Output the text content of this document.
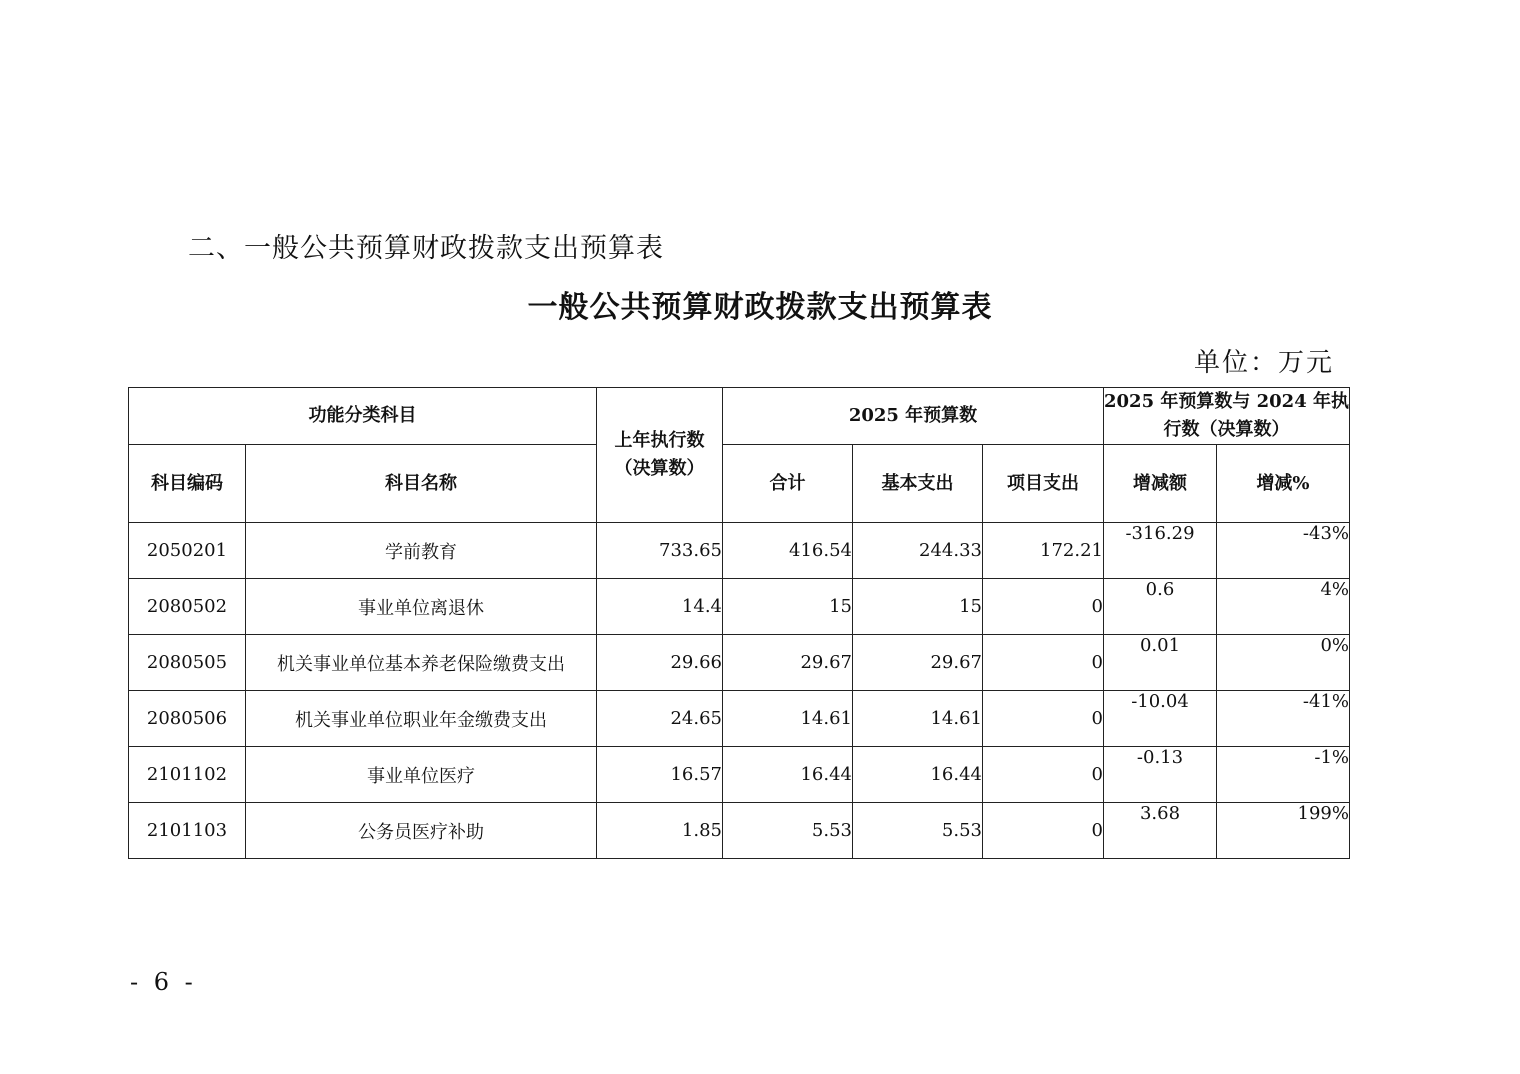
二、一般公共预算财政拨款支出预算表
一般公共预算财政拨款支出预算表
单位：万元
功能分类科目		上年执行数（决算数）	2025 年预算数			2025 年预算数与 2024 年执行数（决算数）	
科目编码	科目名称		合计	基本支出	项目支出	增减额	增减%
2050201	学前教育	733.65	416.54	244.33	172.21	-316.29	-43%
2080502	事业单位离退休	14.4	15	15	0	0.6	4%
2080505	机关事业单位基本养老保险缴费支出	29.66	29.67	29.67	0	0.01	0%
2080506	机关事业单位职业年金缴费支出	24.65	14.61	14.61	0	-10.04	-41%
2101102	事业单位医疗	16.57	16.44	16.44	0	-0.13	-1%
2101103	公务员医疗补助	1.85	5.53	5.53	0	3.68	199%
- 6 -
